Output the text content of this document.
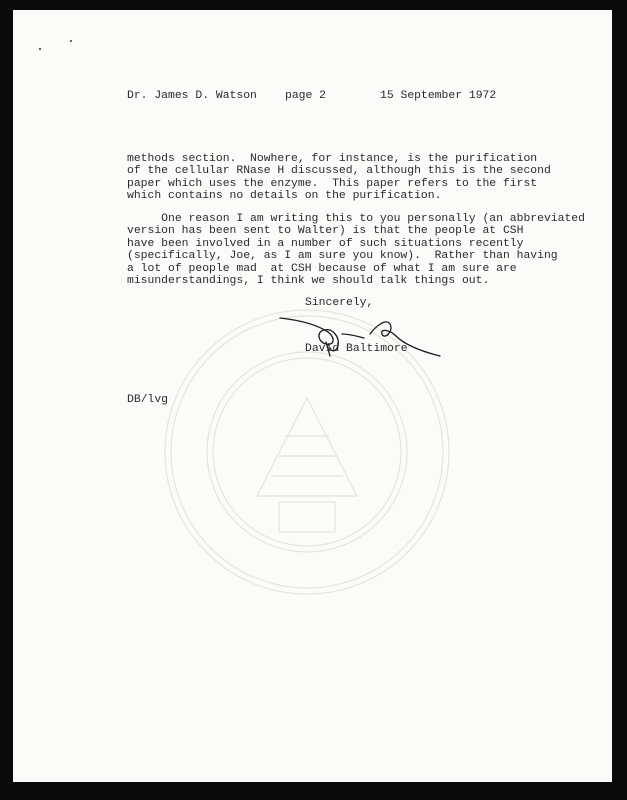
Dr. James D. Watson page 2	15 September 1972
methods section.  Nowhere, for instance, is the purification
of the cellular RNase H discussed, although this is the second
paper which uses the enzyme.  This paper refers to the first
which contains no details on the purification.
One reason I am writing this to you personally (an abbreviated
version has been sent to Walter) is that the people at CSH
have been involved in a number of such situations recently
(specifically, Joe, as I am sure you know).  Rather than having
a lot of people mad  at CSH because of what I am sure are
misunderstandings, I think we should talk things out.
Sincerely,
David Baltimore
DB/lvg
